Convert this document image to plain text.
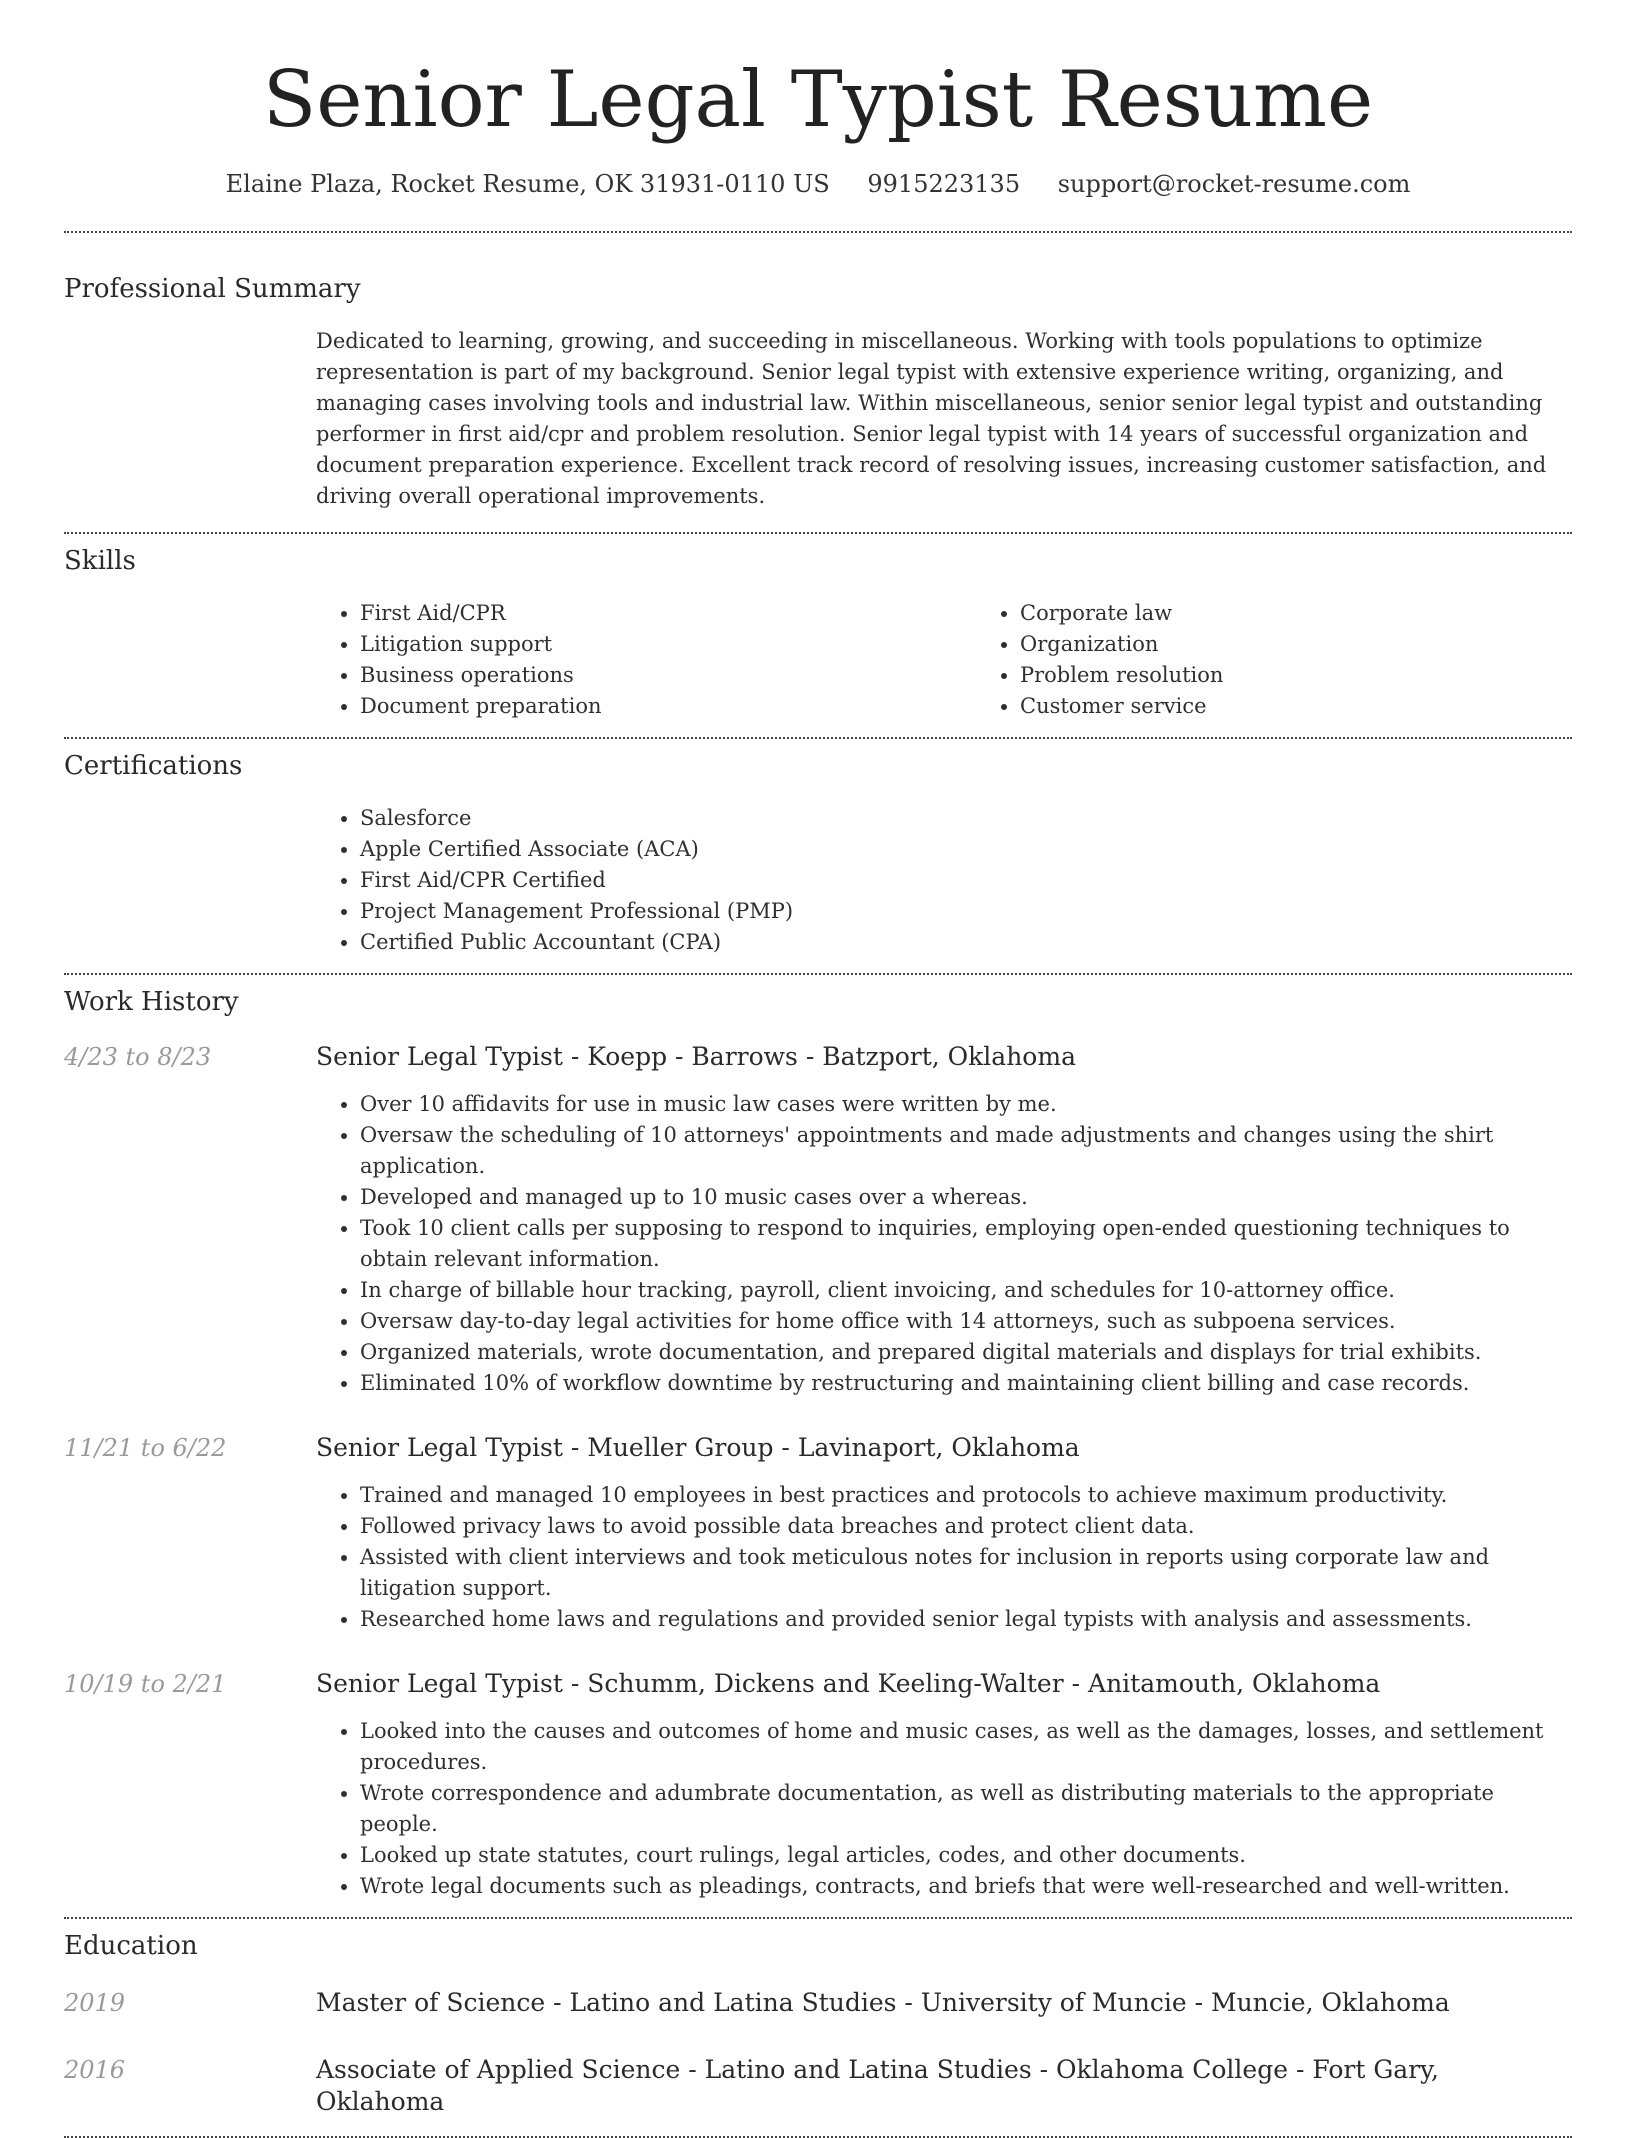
Senior Legal Typist Resume
Elaine Plaza, Rocket Resume, OK 31931-0110 US 9915223135 support@rocket-resume.com
Professional Summary
Dedicated to learning, growing, and succeeding in miscellaneous. Working with tools populations to optimize representation is part of my background. Senior legal typist with extensive experience writing, organizing, and managing cases involving tools and industrial law. Within miscellaneous, senior senior legal typist and outstanding performer in first aid/cpr and problem resolution. Senior legal typist with 14 years of successful organization and document preparation experience. Excellent track record of resolving issues, increasing customer satisfaction, and driving overall operational improvements.
Skills
• First Aid/CPR
• Litigation support
• Business operations
• Document preparation
• Corporate law
• Organization
• Problem resolution
• Customer service
Certifications
• Salesforce
• Apple Certified Associate (ACA)
• First Aid/CPR Certified
• Project Management Professional (PMP)
• Certified Public Accountant (CPA)
Work History
4/23 to 8/23	Senior Legal Typist - Koepp - Barrows - Batzport, Oklahoma
• Over 10 affidavits for use in music law cases were written by me.
• Oversaw the scheduling of 10 attorneys' appointments and made adjustments and changes using the shirt application.
• Developed and managed up to 10 music cases over a whereas.
• Took 10 client calls per supposing to respond to inquiries, employing open-ended questioning techniques to obtain relevant information.
• In charge of billable hour tracking, payroll, client invoicing, and schedules for 10-attorney office.
• Oversaw day-to-day legal activities for home office with 14 attorneys, such as subpoena services.
• Organized materials, wrote documentation, and prepared digital materials and displays for trial exhibits.
• Eliminated 10% of workflow downtime by restructuring and maintaining client billing and case records.
11/21 to 6/22	Senior Legal Typist - Mueller Group - Lavinaport, Oklahoma
• Trained and managed 10 employees in best practices and protocols to achieve maximum productivity.
• Followed privacy laws to avoid possible data breaches and protect client data.
• Assisted with client interviews and took meticulous notes for inclusion in reports using corporate law and litigation support.
• Researched home laws and regulations and provided senior legal typists with analysis and assessments.
10/19 to 2/21	Senior Legal Typist - Schumm, Dickens and Keeling-Walter - Anitamouth, Oklahoma
• Looked into the causes and outcomes of home and music cases, as well as the damages, losses, and settlement procedures.
• Wrote correspondence and adumbrate documentation, as well as distributing materials to the appropriate people.
• Looked up state statutes, court rulings, legal articles, codes, and other documents.
• Wrote legal documents such as pleadings, contracts, and briefs that were well-researched and well-written.
Education
2019	Master of Science - Latino and Latina Studies - University of Muncie - Muncie, Oklahoma
2016	Associate of Applied Science - Latino and Latina Studies - Oklahoma College - Fort Gary, Oklahoma
